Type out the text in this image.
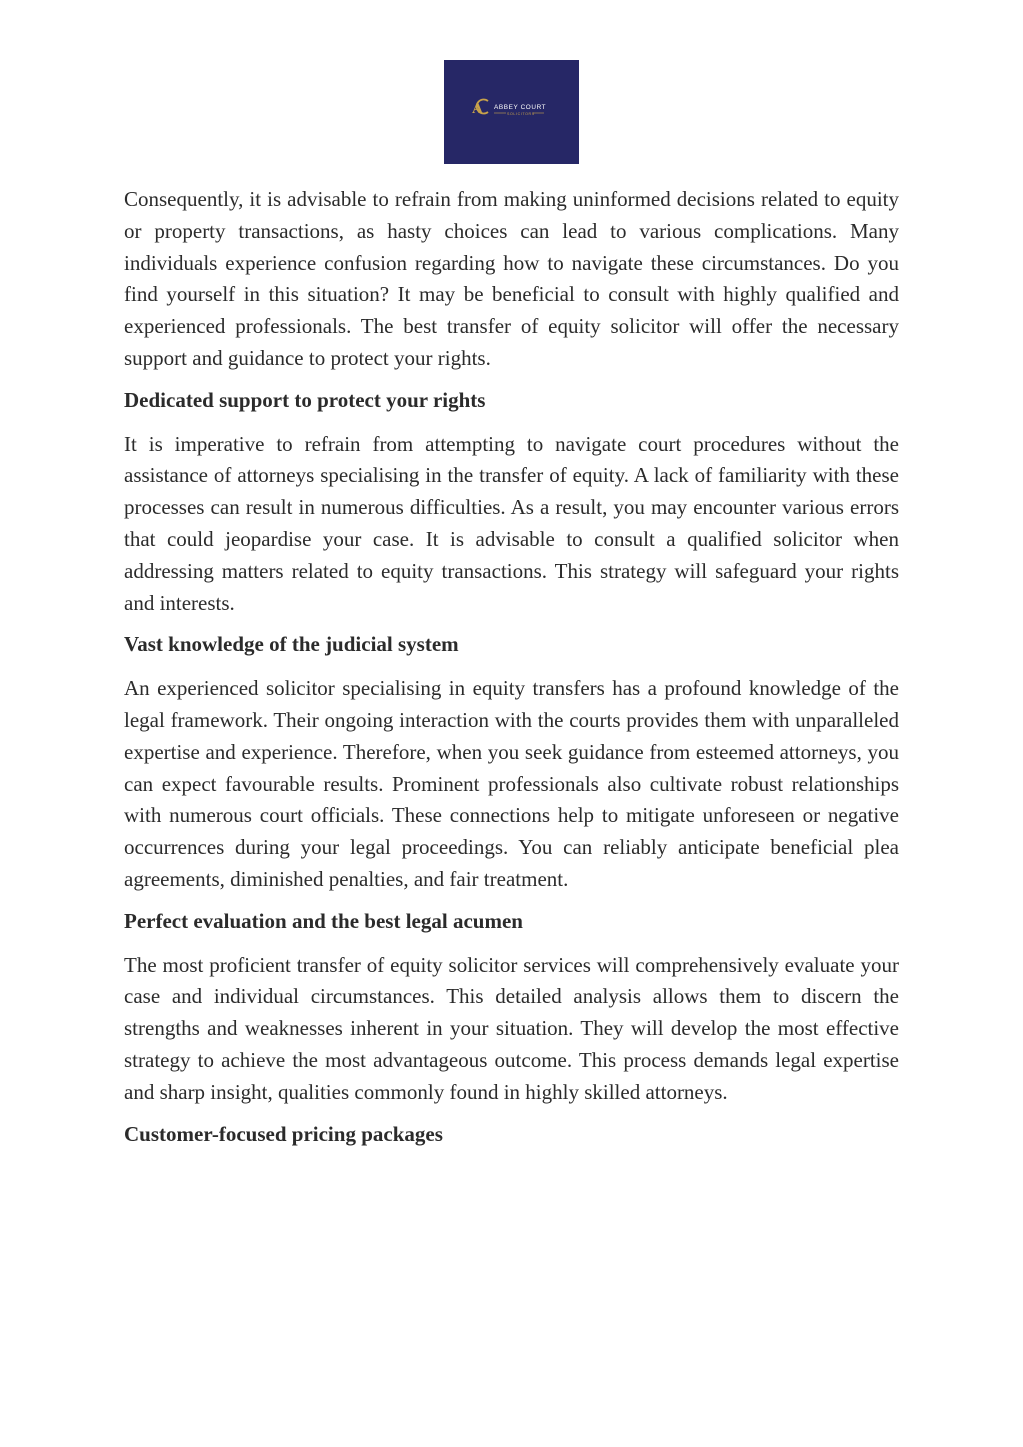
A ABBEY COURT
SOLICITORS

Consequently, it is advisable to refrain from making uninformed decisions related to equity or property transactions, as hasty choices can lead to various complications. Many individuals experience confusion regarding how to navigate these circumstances. Do you find yourself in this situation? It may be beneficial to consult with highly qualified and experienced professionals. The best transfer of equity solicitor will offer the necessary support and guidance to protect your rights.

Dedicated support to protect your rights

It is imperative to refrain from attempting to navigate court procedures without the assistance of attorneys specialising in the transfer of equity. A lack of familiarity with these processes can result in numerous difficulties. As a result, you may encounter various errors that could jeopardise your case. It is advisable to consult a qualified solicitor when addressing matters related to equity transactions. This strategy will safeguard your rights and interests.

Vast knowledge of the judicial system

An experienced solicitor specialising in equity transfers has a profound knowledge of the legal framework. Their ongoing interaction with the courts provides them with unparalleled expertise and experience. Therefore, when you seek guidance from esteemed attorneys, you can expect favourable results. Prominent professionals also cultivate robust relationships with numerous court officials. These connections help to mitigate unforeseen or negative occurrences during your legal proceedings. You can reliably anticipate beneficial plea agreements, diminished penalties, and fair treatment.

Perfect evaluation and the best legal acumen

The most proficient transfer of equity solicitor services will comprehensively evaluate your case and individual circumstances. This detailed analysis allows them to discern the strengths and weaknesses inherent in your situation. They will develop the most effective strategy to achieve the most advantageous outcome. This process demands legal expertise and sharp insight, qualities commonly found in highly skilled attorneys.

Customer-focused pricing packages
